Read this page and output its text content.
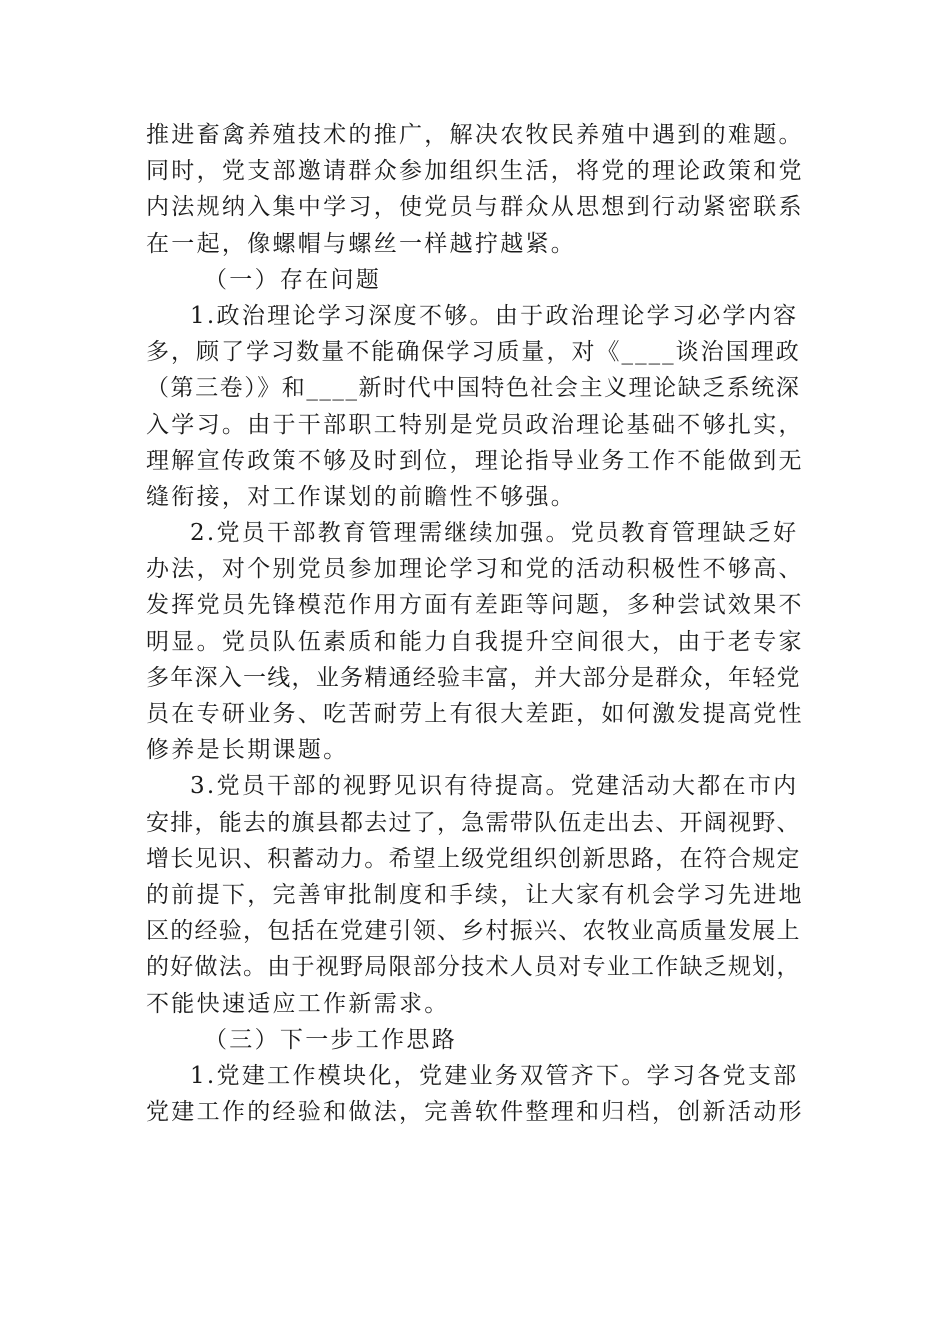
推进畜禽养殖技术的推广，解决农牧民养殖中遇到的难题。
同时，党支部邀请群众参加组织生活，将党的理论政策和党
内法规纳入集中学习，使党员与群众从思想到行动紧密联系
在一起，像螺帽与螺丝一样越拧越紧。
（一）存在问题
1.政治理论学习深度不够。由于政治理论学习必学内容
多，顾了学习数量不能确保学习质量，对《____谈治国理政
（第三卷）》和____新时代中国特色社会主义理论缺乏系统深
入学习。由于干部职工特别是党员政治理论基础不够扎实，
理解宣传政策不够及时到位，理论指导业务工作不能做到无
缝衔接，对工作谋划的前瞻性不够强。
2.党员干部教育管理需继续加强。党员教育管理缺乏好
办法，对个别党员参加理论学习和党的活动积极性不够高、
发挥党员先锋模范作用方面有差距等问题，多种尝试效果不
明显。党员队伍素质和能力自我提升空间很大，由于老专家
多年深入一线，业务精通经验丰富，并大部分是群众，年轻党
员在专研业务、吃苦耐劳上有很大差距，如何激发提高党性
修养是长期课题。
3.党员干部的视野见识有待提高。党建活动大都在市内
安排，能去的旗县都去过了，急需带队伍走出去、开阔视野、
增长见识、积蓄动力。希望上级党组织创新思路，在符合规定
的前提下，完善审批制度和手续，让大家有机会学习先进地
区的经验，包括在党建引领、乡村振兴、农牧业高质量发展上
的好做法。由于视野局限部分技术人员对专业工作缺乏规划，
不能快速适应工作新需求。
（三）下一步工作思路
1.党建工作模块化，党建业务双管齐下。学习各党支部
党建工作的经验和做法，完善软件整理和归档，创新活动形
